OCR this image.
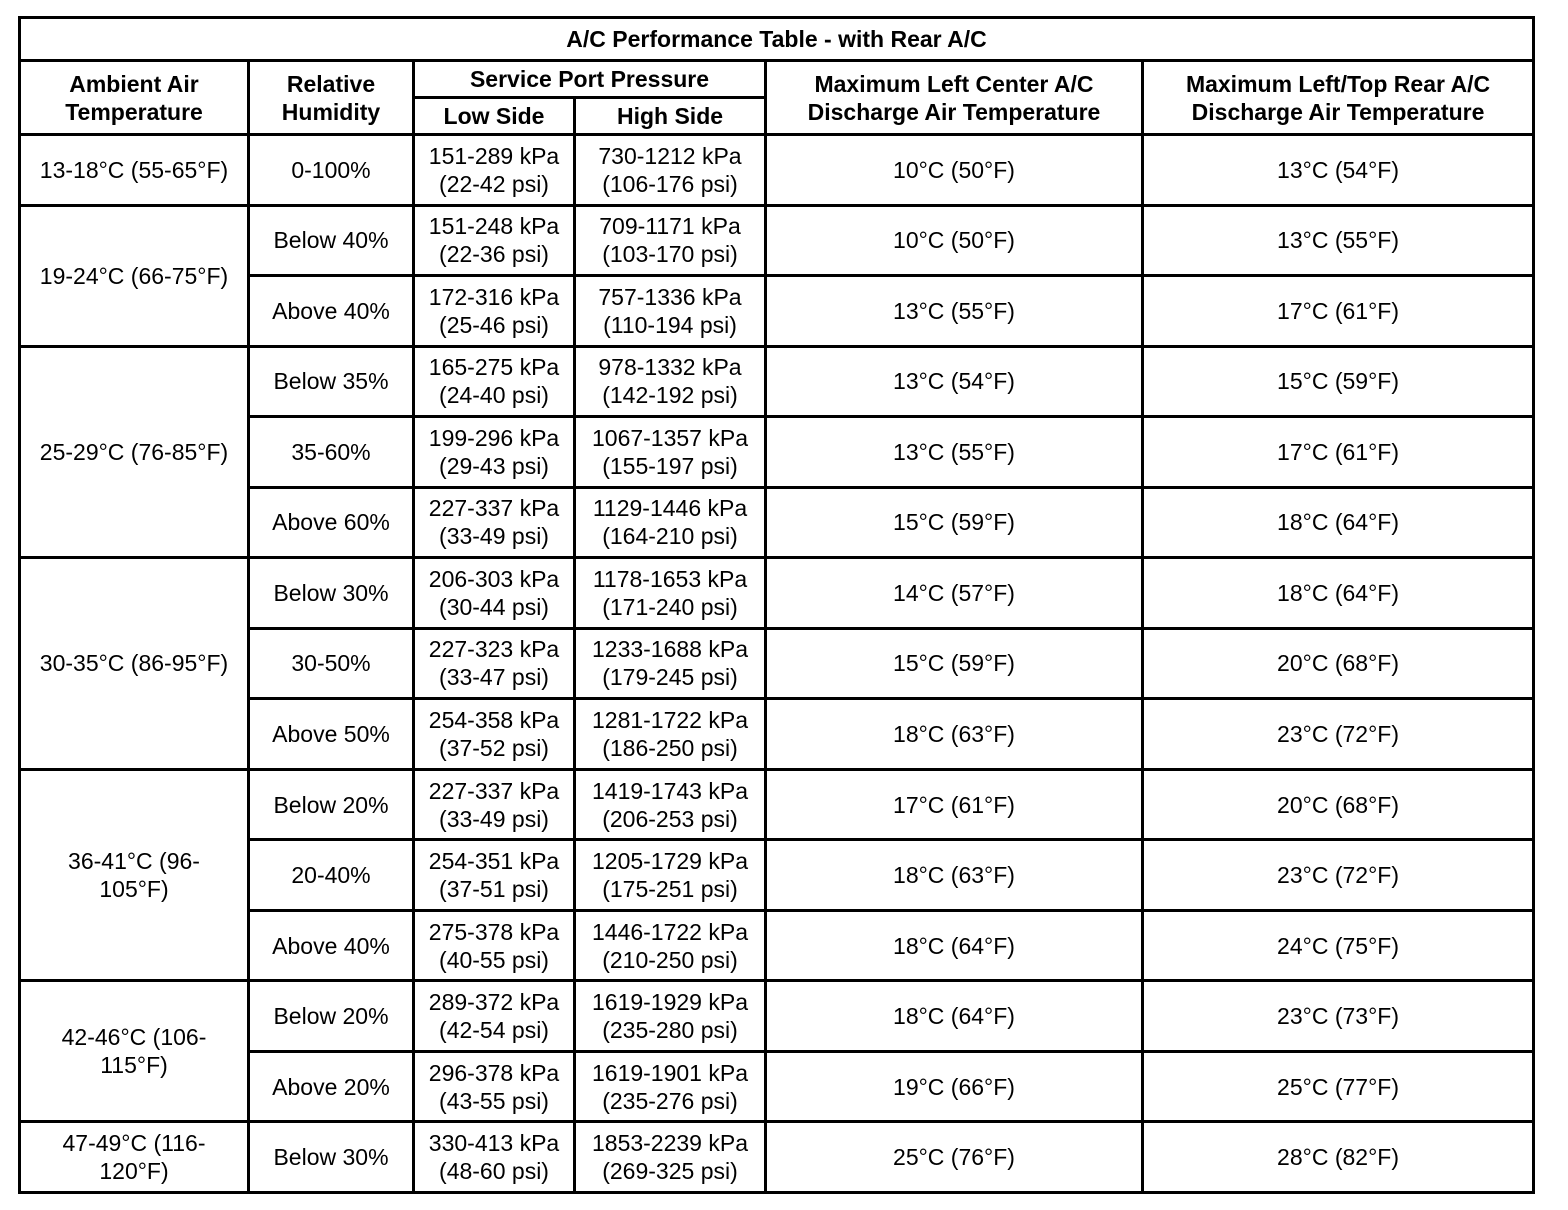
A/C Performance Table - with Rear A/C					

Ambient Air
Temperature	Relative
Humidity	Service Port Pressure		Maximum Left Center A/C
Discharge Air Temperature	Maximum Left/Top Rear A/C
Discharge Air Temperature

		Low Side	High Side		

13-18°C (55-65°F)	0-100%	151-289 kPa
(22-42 psi)	730-1212 kPa
(106-176 psi)	10°C (50°F)	13°C (54°F)

19-24°C (66-75°F)	Below 40%	151-248 kPa
(22-36 psi)	709-1171 kPa
(103-170 psi)	10°C (50°F)	13°C (55°F)
	Above 40%	172-316 kPa
(25-46 psi)	757-1336 kPa
(110-194 psi)	13°C (55°F)	17°C (61°F)

25-29°C (76-85°F)	Below 35%	165-275 kPa
(24-40 psi)	978-1332 kPa
(142-192 psi)	13°C (54°F)	15°C (59°F)
	35-60%	199-296 kPa
(29-43 psi)	1067-1357 kPa
(155-197 psi)	13°C (55°F)	17°C (61°F)
	Above 60%	227-337 kPa
(33-49 psi)	1129-1446 kPa
(164-210 psi)	15°C (59°F)	18°C (64°F)

30-35°C (86-95°F)	Below 30%	206-303 kPa
(30-44 psi)	1178-1653 kPa
(171-240 psi)	14°C (57°F)	18°C (64°F)
	30-50%	227-323 kPa
(33-47 psi)	1233-1688 kPa
(179-245 psi)	15°C (59°F)	20°C (68°F)
	Above 50%	254-358 kPa
(37-52 psi)	1281-1722 kPa
(186-250 psi)	18°C (63°F)	23°C (72°F)

36-41°C (96-
105°F)	Below 20%	227-337 kPa
(33-49 psi)	1419-1743 kPa
(206-253 psi)	17°C (61°F)	20°C (68°F)
	20-40%	254-351 kPa
(37-51 psi)	1205-1729 kPa
(175-251 psi)	18°C (63°F)	23°C (72°F)
	Above 40%	275-378 kPa
(40-55 psi)	1446-1722 kPa
(210-250 psi)	18°C (64°F)	24°C (75°F)

42-46°C (106-
115°F)	Below 20%	289-372 kPa
(42-54 psi)	1619-1929 kPa
(235-280 psi)	18°C (64°F)	23°C (73°F)
	Above 20%	296-378 kPa
(43-55 psi)	1619-1901 kPa
(235-276 psi)	19°C (66°F)	25°C (77°F)

47-49°C (116-
120°F)	Below 30%	330-413 kPa
(48-60 psi)	1853-2239 kPa
(269-325 psi)	25°C (76°F)	28°C (82°F)
